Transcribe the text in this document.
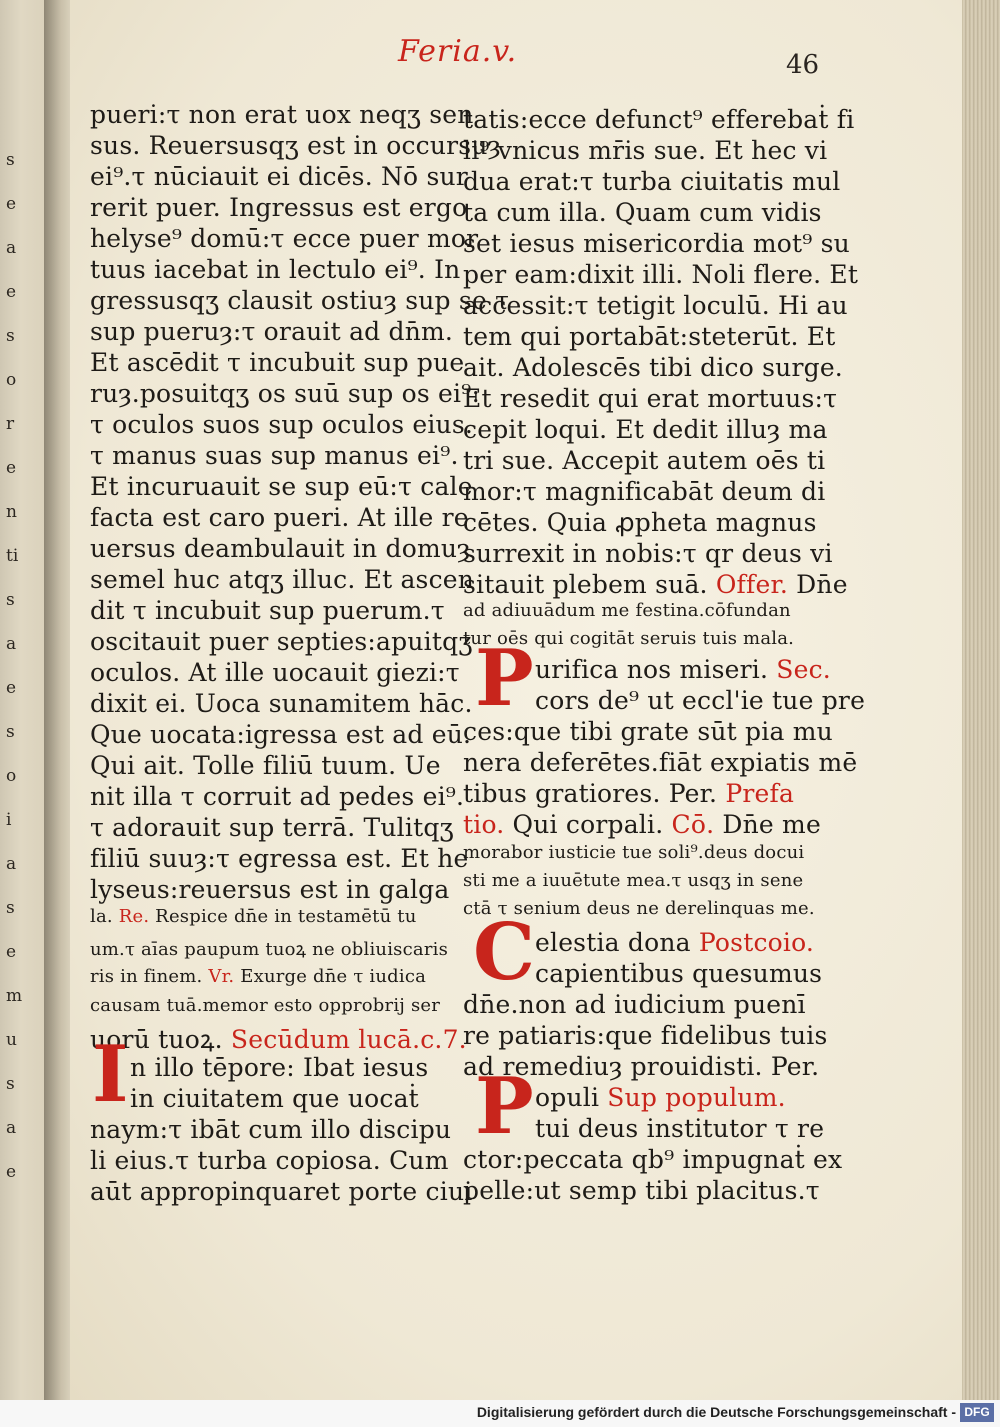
Feria.v.	46
pueri:τ non erat uox neqʒ sen
sus. Reuersusqʒ est in occursuȝ
ei⁹.τ nūciauit ei dicēs. Nō sur
rerit puer. Ingressus est ergo
helyse⁹ domū:τ ecce puer mor
tuus iacebat in lectulo ei⁹. In
gressusqʒ clausit ostiuȝ sup se τ
sup pueruȝ:τ orauit ad dn̄m.
Et ascēdit τ incubuit sup pue
ruȝ.posuitqʒ os suū sup os ei⁹:
τ oculos suos sup oculos eius.
τ manus suas sup manus ei⁹.
Et incuruauit se sup eū:τ cale
facta est caro pueri. At ille re
uersus deambulauit in domuȝ
semel huc atqʒ illuc. Et ascen
dit τ incubuit sup puerum.τ
oscitauit puer septies:apuitqʒ
oculos. At ille uocauit giezi:τ
dixit ei. Uoca sunamitem hāc.
Que uocata:igressa est ad eū.
Qui ait. Tolle filiū tuum. Ue
nit illa τ corruit ad pedes ei⁹.
τ adorauit sup terrā. Tulitqʒ
filiū suuȝ:τ egressa est. Et he
lyseus:reuersus est in galga
la. Re. Respice dn̄e in testamētū tu
um.τ aīas paupum tuoꝝ ne obliuiscaris
ris in finem. Vr. Exurge dn̄e τ iudica
causam tuā.memor esto opprobrij ser
uorū tuoꝝ. Secūdum lucā.c.7.
n illo tēpore: Ibat iesus
in ciuitatem que uocaṫ
naym:τ ibāt cum illo discipu
li eius.τ turba copiosa. Cum
aūt appropinquaret porte ciui
tatis:ecce defunct⁹ efferebaṫ fi
li⁹ vnicus mr̄is sue. Et hec vi
dua erat:τ turba ciuitatis mul
ta cum illa. Quam cum vidis
set iesus misericordia mot⁹ su
per eam:dixit illi. Noli flere. Et
accessit:τ tetigit loculū. Hi au
tem qui portabāt:steterūt. Et
ait. Adolescēs tibi dico surge.
Et resedit qui erat mortuus:τ
cepit loqui. Et dedit illuȝ ma
tri sue. Accepit autem oēs ti
mor:τ magnificabāt deum di
cētes. Quia ꝓpheta magnus
surrexit in nobis:τ qr deus vi
sitauit plebem suā. Offer. Dn̄e
ad adiuuādum me festina.cōfundan
tur oēs qui cogitāt seruis tuis mala.
urifica nos miseri. Sec.
cors de⁹ ut eccl'ie tue pre
ces:que tibi grate sūt pia mu
nera deferētes.fiāt expiatis mē
tibus gratiores. Per. Prefa
tio. Qui corpali. Cō. Dn̄e me
morabor iusticie tue soli⁹.deus docui
sti me a iuuētute mea.τ usqʒ in sene
ctā τ senium deus ne derelinquas me.
elestia dona Postcoio.
capientibus quesumus
dn̄e.non ad iudicium puenī
re patiaris:que fidelibus tuis
ad remediuȝ prouidisti. Per.
opuli Sup populum.
tui deus institutor τ re
ctor:peccata qb⁹ impugnaṫ ex
pelle:ut semp tibi placitus.τ
I
P
C
P
s
e
a
e
s
o
r
e
n
ti
s
a
e
s
o
i
a
s
e
m
u
s
a
e
Digitalisierung gefördert durch die Deutsche Forschungsgemeinschaft - DFG
